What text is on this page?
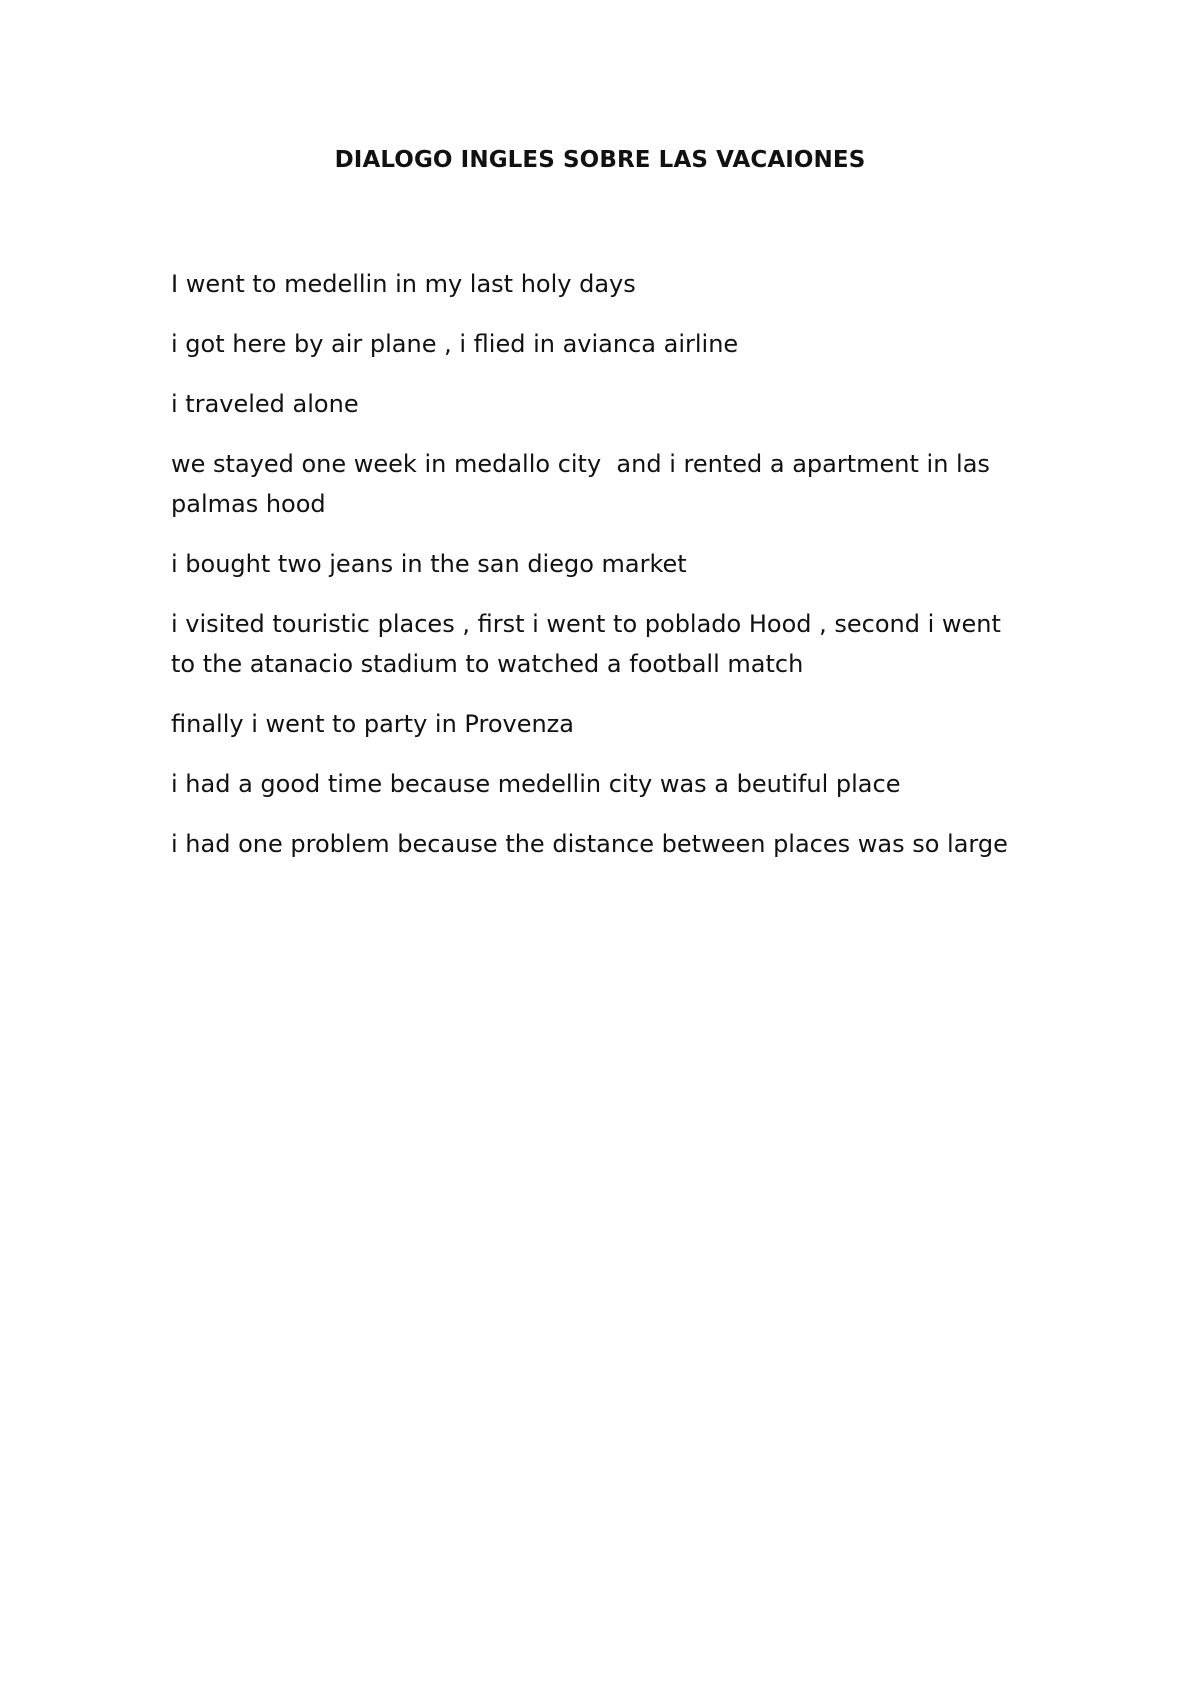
DIALOGO INGLES SOBRE LAS VACAIONES

I went to medellin in my last holy days

i got here by air plane , i flied in avianca airline

i traveled alone

we stayed one week in medallo city  and i rented a apartment in las palmas hood

i bought two jeans in the san diego market

i visited touristic places , first i went to poblado Hood , second i went to the atanacio stadium to watched a football match

finally i went to party in Provenza

i had a good time because medellin city was a beutiful place

i had one problem because the distance between places was so large
